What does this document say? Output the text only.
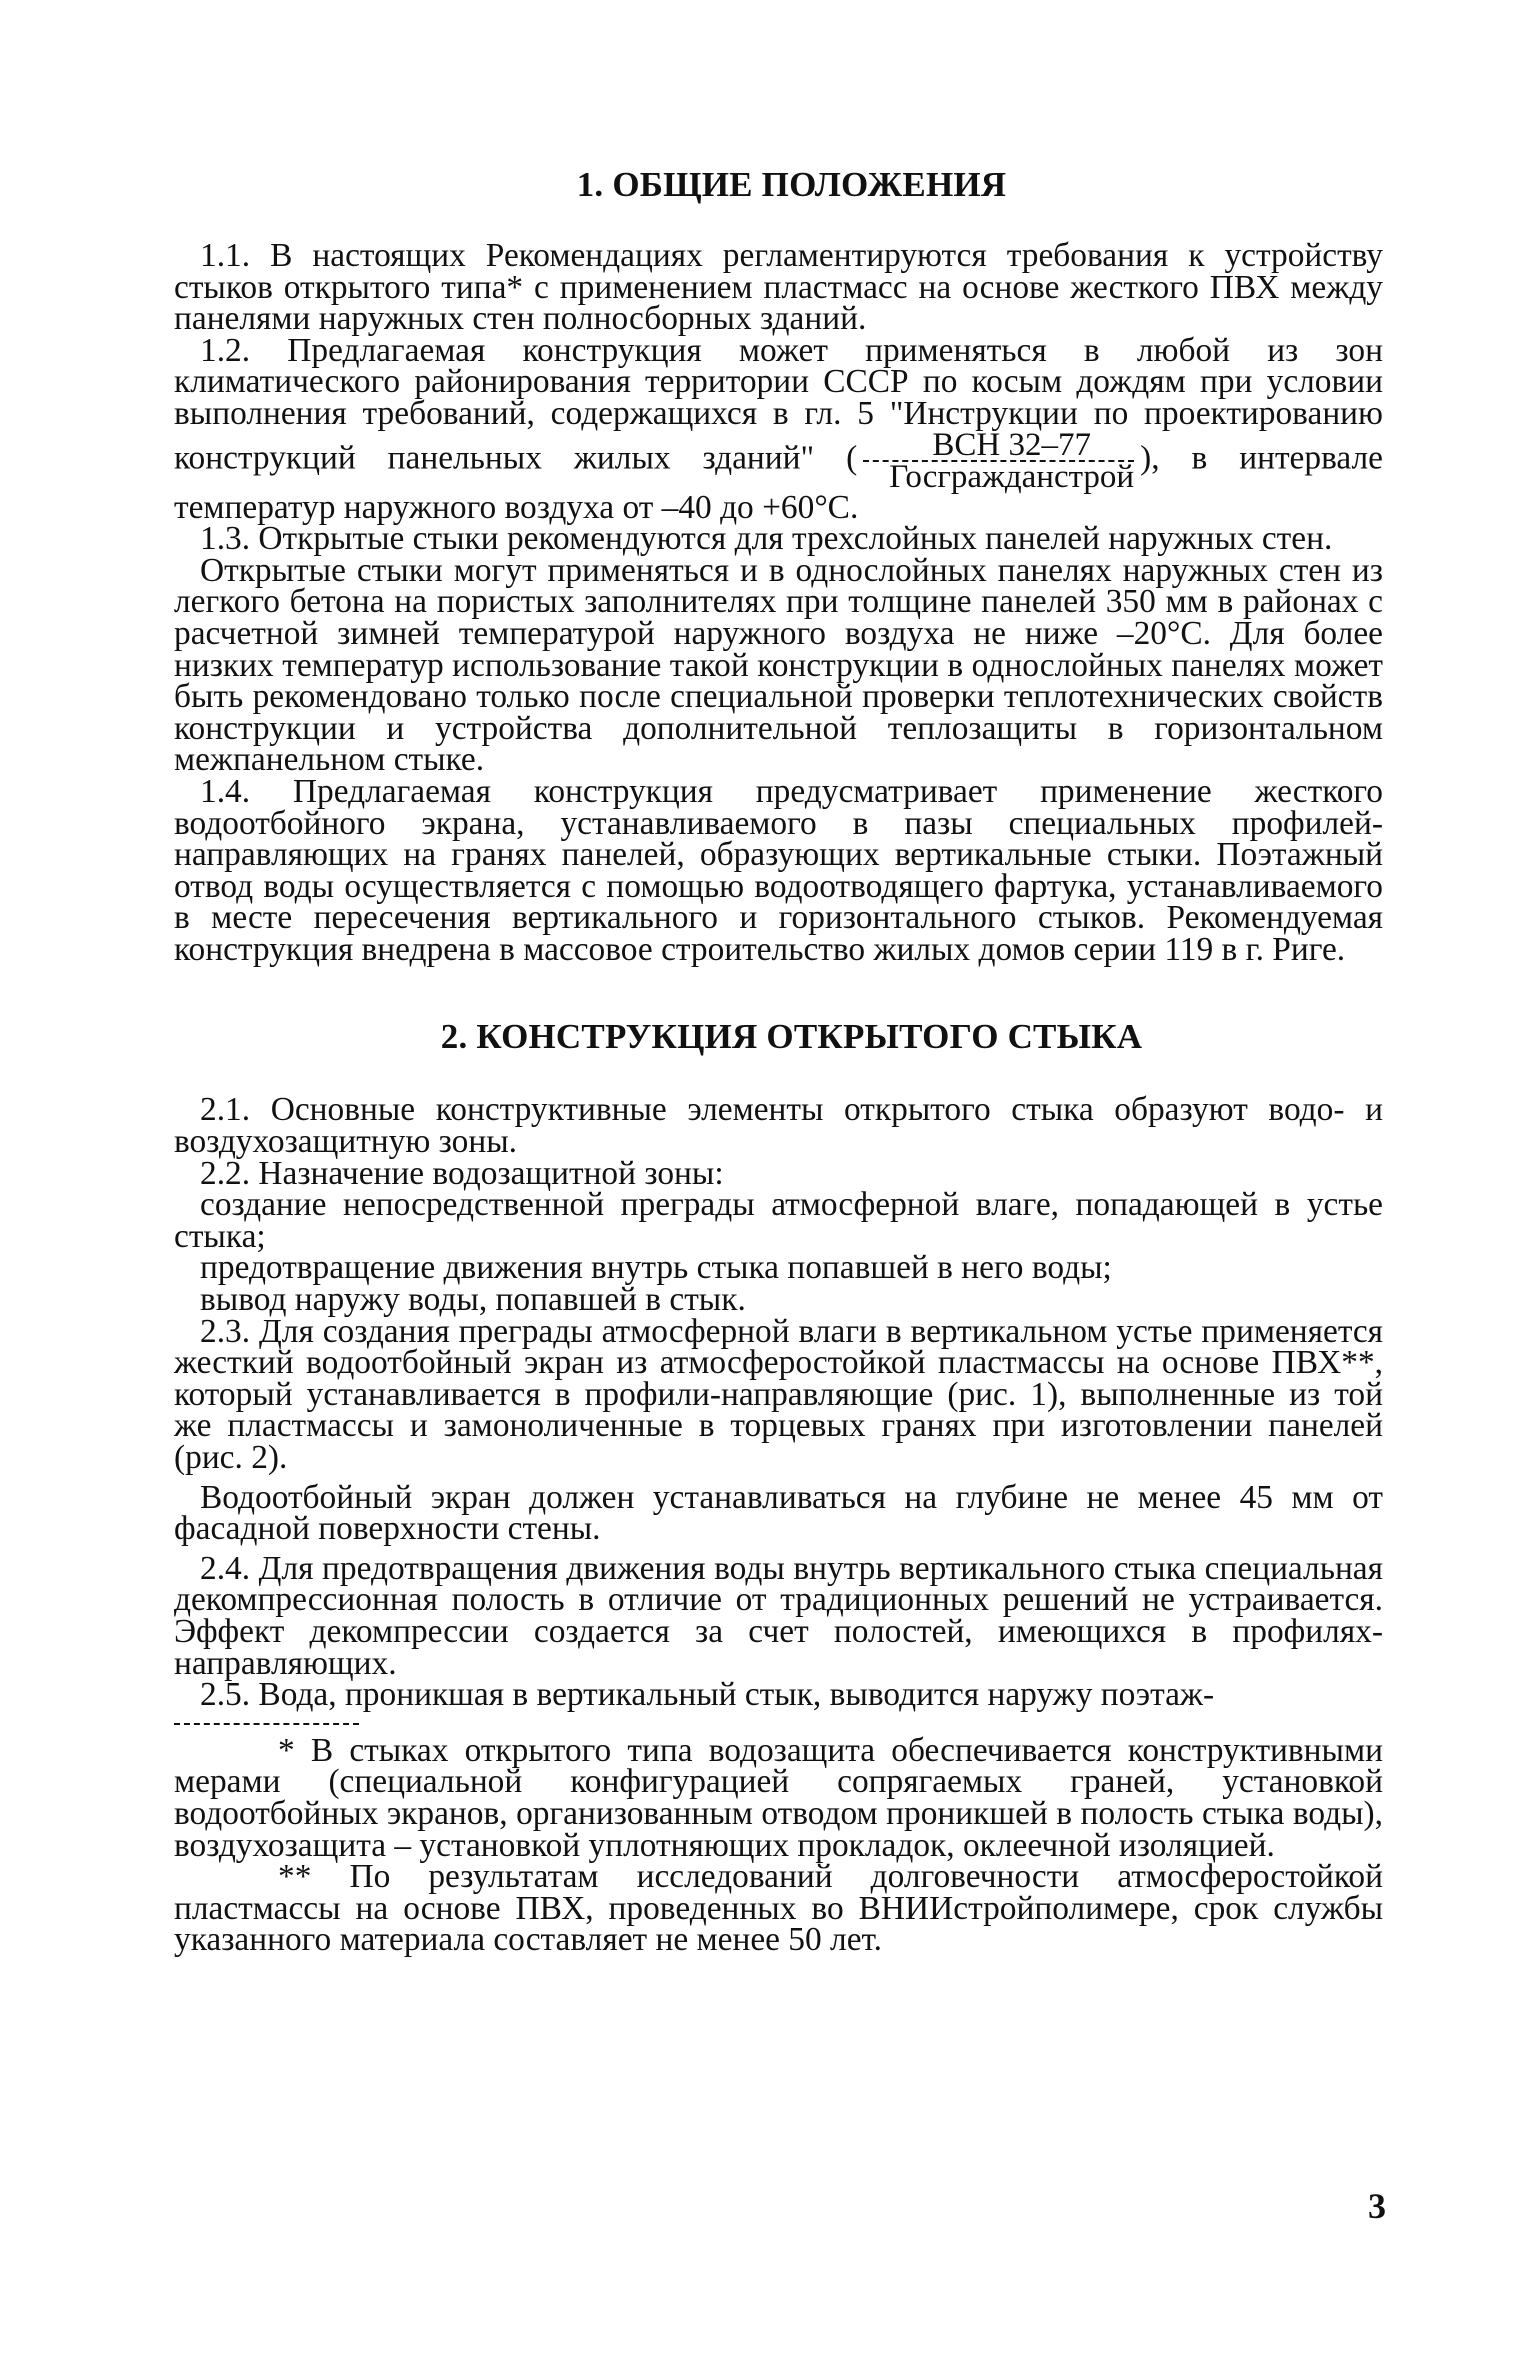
1. ОБЩИЕ ПОЛОЖЕНИЯ

1.1. В настоящих Рекомендациях регламентируются требования к устройству стыков открытого типа* с применением пластмасс на основе жесткого ПВХ между панелями наружных стен полносборных зданий.

1.2. Предлагаемая конструкция может применяться в любой из зон климатического районирования территории СССР по косым дождям при условии выполнения требований, содержащихся в гл. 5 "Инструкции по проектированию конструкций панельных жилых зданий" ( $\frac{\text{ВСН 32–77}}{\text{Госгражданстрой}}$ ), в интервале температур наружного воздуха от –40 до +60°С.

1.3. Открытые стыки рекомендуются для трехслойных панелей наружных стен.

Открытые стыки могут применяться и в однослойных панелях наружных стен из легкого бетона на пористых заполнителях при толщине панелей 350 мм в районах с расчетной зимней температурой наружного воздуха не ниже –20°С. Для более низких температур использование такой конструкции в однослойных панелях может быть рекомендовано только после специальной проверки теплотехнических свойств конструкции и устройства дополнительной теплозащиты в горизонтальном межпанельном стыке.

1.4. Предлагаемая конструкция предусматривает применение жесткого водоотбойного экрана, устанавливаемого в пазы специальных профилей-направляющих на гранях панелей, образующих вертикальные стыки. Поэтажный отвод воды осуществляется с помощью водоотводящего фартука, устанавливаемого в месте пересечения вертикального и горизонтального стыков. Рекомендуемая конструкция внедрена в массовое строительство жилых домов серии 119 в г. Риге.

2. КОНСТРУКЦИЯ ОТКРЫТОГО СТЫКА

2.1. Основные конструктивные элементы открытого стыка образуют водо- и воздухозащитную зоны.

2.2. Назначение водозащитной зоны:

создание непосредственной преграды атмосферной влаге, попадающей в устье стыка;

предотвращение движения внутрь стыка попавшей в него воды;

вывод наружу воды, попавшей в стык.

2.3. Для создания преграды атмосферной влаги в вертикальном устье применяется жесткий водоотбойный экран из атмосферостойкой пластмассы на основе ПВХ**, который устанавливается в профили-направляющие (рис. 1), выполненные из той же пластмассы и замоноличенные в торцевых гранях при изготовлении панелей (рис. 2).

Водоотбойный экран должен устанавливаться на глубине не менее 45 мм от фасадной поверхности стены.

2.4. Для предотвращения движения воды внутрь вертикального стыка специальная декомпрессионная полость в отличие от традиционных решений не устраивается. Эффект декомпрессии создается за счет полостей, имеющихся в профилях-направляющих.

2.5. Вода, проникшая в вертикальный стык, выводится наружу поэтаж-

* В стыках открытого типа водозащита обеспечивается конструктивными мерами (специальной конфигурацией сопрягаемых граней, установкой водоотбойных экранов, организованным отводом проникшей в полость стыка воды), воздухозащита – установкой уплотняющих прокладок, оклеечной изоляцией.

** По результатам исследований долговечности атмосферостойкой пластмассы на основе ПВХ, проведенных во ВНИИстройполимере, срок службы указанного материала составляет не менее 50 лет.

3
